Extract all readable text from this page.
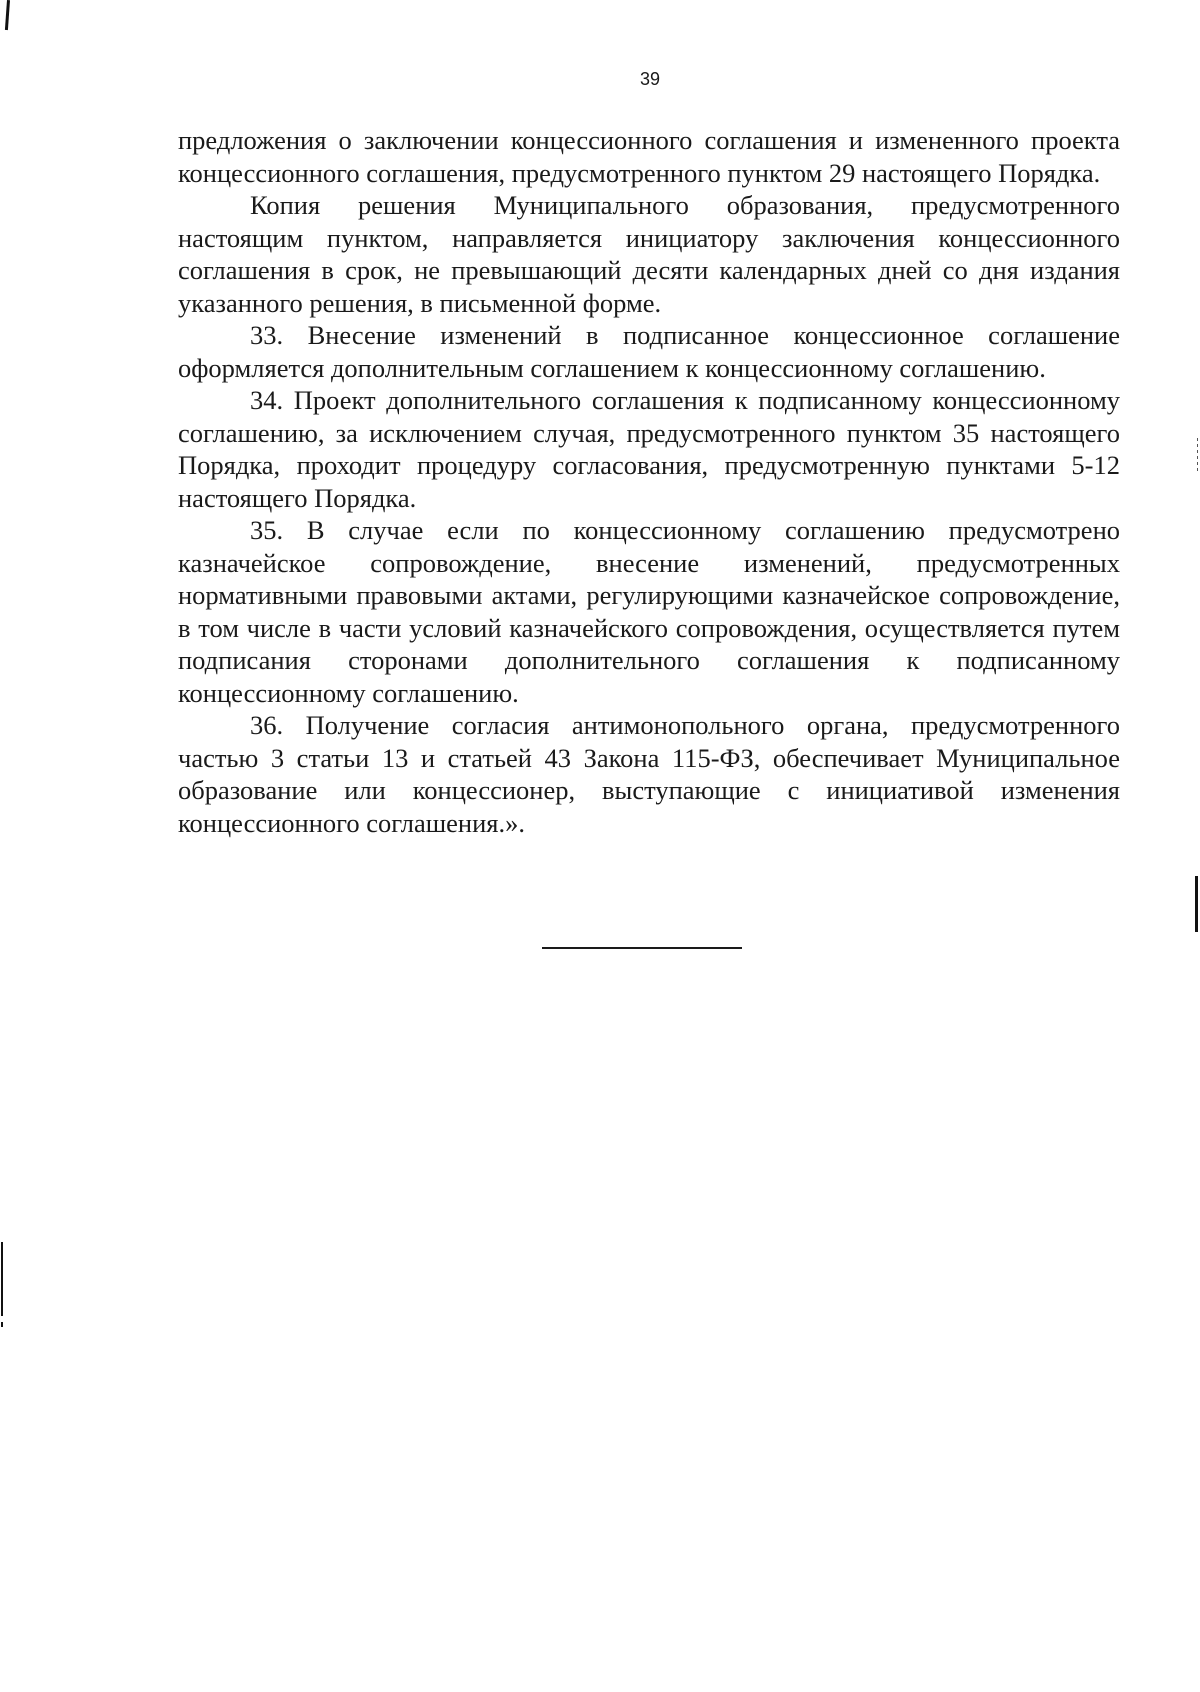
39

предложения о заключении концессионного соглашения и измененного проекта концессионного соглашения, предусмотренного пунктом 29 настоящего Порядка.

Копия решения Муниципального образования, предусмотренного настоящим пунктом, направляется инициатору заключения концессионного соглашения в срок, не превышающий десяти календарных дней со дня издания указанного решения, в письменной форме.

33. Внесение изменений в подписанное концессионное соглашение оформляется дополнительным соглашением к концессионному соглашению.

34. Проект дополнительного соглашения к подписанному концессионному соглашению, за исключением случая, предусмотренного пунктом 35 настоящего Порядка, проходит процедуру согласования, предусмотренную пунктами 5-12 настоящего Порядка.

35. В случае если по концессионному соглашению предусмотрено казначейское сопровождение, внесение изменений, предусмотренных нормативными правовыми актами, регулирующими казначейское сопровождение, в том числе в части условий казначейского сопровождения, осуществляется путем подписания сторонами дополнительного соглашения к подписанному концессионному соглашению.

36. Получение согласия антимонопольного органа, предусмотренного частью 3 статьи 13 и статьей 43 Закона 115-ФЗ, обеспечивает Муниципальное образование или концессионер, выступающие с инициативой изменения концессионного соглашения.».
